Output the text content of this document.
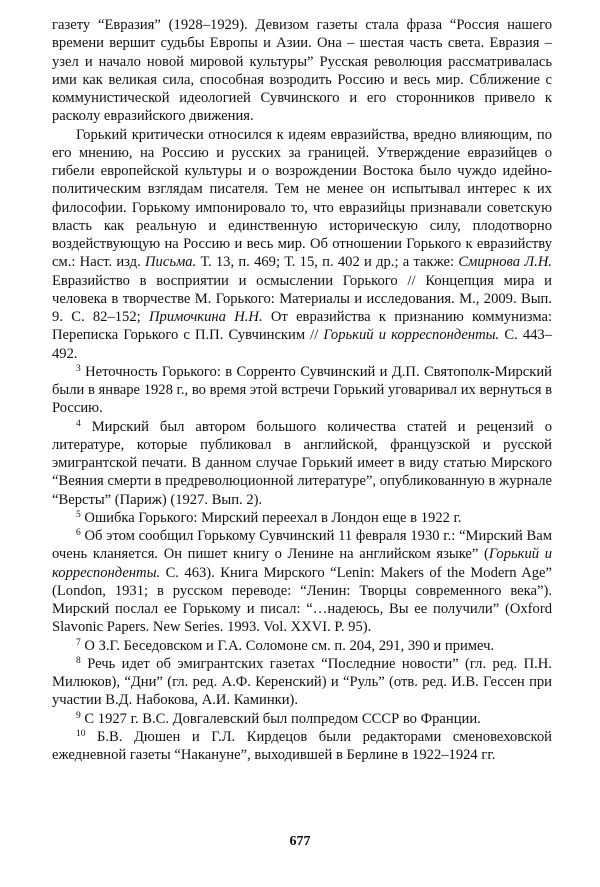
газету “Евразия” (1928–1929). Девизом газеты стала фраза “Россия нашего времени вершит судьбы Европы и Азии. Она – шестая часть света. Евразия – узел и начало новой мировой культуры” Русская революция рассматривалась ими как великая сила, способная возродить Россию и весь мир. Сближение с коммунистической идеологией Сувчинского и его сторонников привело к расколу евразийского движения.

Горький критически относился к идеям евразийства, вредно влияющим, по его мнению, на Россию и русских за границей. Утверждение евразийцев о гибели европейской культуры и о возрождении Востока было чуждо идейно-политическим взглядам писателя. Тем не менее он испытывал интерес к их философии. Горькому импонировало то, что евразийцы признавали советскую власть как реальную и единственную историческую силу, плодотворно воздействующую на Россию и весь мир. Об отношении Горького к евразийству см.: Наст. изд. Письма. Т. 13, п. 469; Т. 15, п. 402 и др.; а также: Смирнова Л.Н. Евразийство в восприятии и осмыслении Горького // Концепция мира и человека в творчестве М. Горького: Материалы и исследования. М., 2009. Вып. 9. С. 82–152; Примочкина Н.Н. От евразийства к признанию коммунизма: Переписка Горького с П.П. Сувчинским // Горький и корреспонденты. С. 443–492.

$^3$ Неточность Горького: в Сорренто Сувчинский и Д.П. Святополк-Мирский были в январе 1928 г., во время этой встречи Горький уговаривал их вернуться в Россию.

$^4$ Мирский был автором большого количества статей и рецензий о литературе, которые публиковал в английской, французской и русской эмигрантской печати. В данном случае Горький имеет в виду статью Мирского “Веяния смерти в предреволюционной литературе”, опубликованную в журнале “Версты” (Париж) (1927. Вып. 2).

$^5$ Ошибка Горького: Мирский переехал в Лондон еще в 1922 г.

$^6$ Об этом сообщил Горькому Сувчинский 11 февраля 1930 г.: “Мирский Вам очень кланяется. Он пишет книгу о Ленине на английском языке” (Горький и корреспонденты. С. 463). Книга Мирского “Lenin: Makers of the Modern Age” (London, 1931; в русском переводе: “Ленин: Творцы современного века”). Мирский послал ее Горькому и писал: “…надеюсь, Вы ее получили” (Oxford Slavonic Papers. New Series. 1993. Vol. XXVI. P. 95).

$^7$ О З.Г. Беседовском и Г.А. Соломоне см. п. 204, 291, 390 и примеч.

$^8$ Речь идет об эмигрантских газетах “Последние новости” (гл. ред. П.Н. Милюков), “Дни” (гл. ред. А.Ф. Керенский) и “Руль” (отв. ред. И.В. Гессен при участии В.Д. Набокова, А.И. Каминки).

$^9$ С 1927 г. В.С. Довгалевский был полпредом СССР во Франции.

$^{10}$ Б.В. Дюшен и Г.Л. Кирдецов были редакторами сменовеховской ежедневной газеты “Накануне”, выходившей в Берлине в 1922–1924 гг.

677
